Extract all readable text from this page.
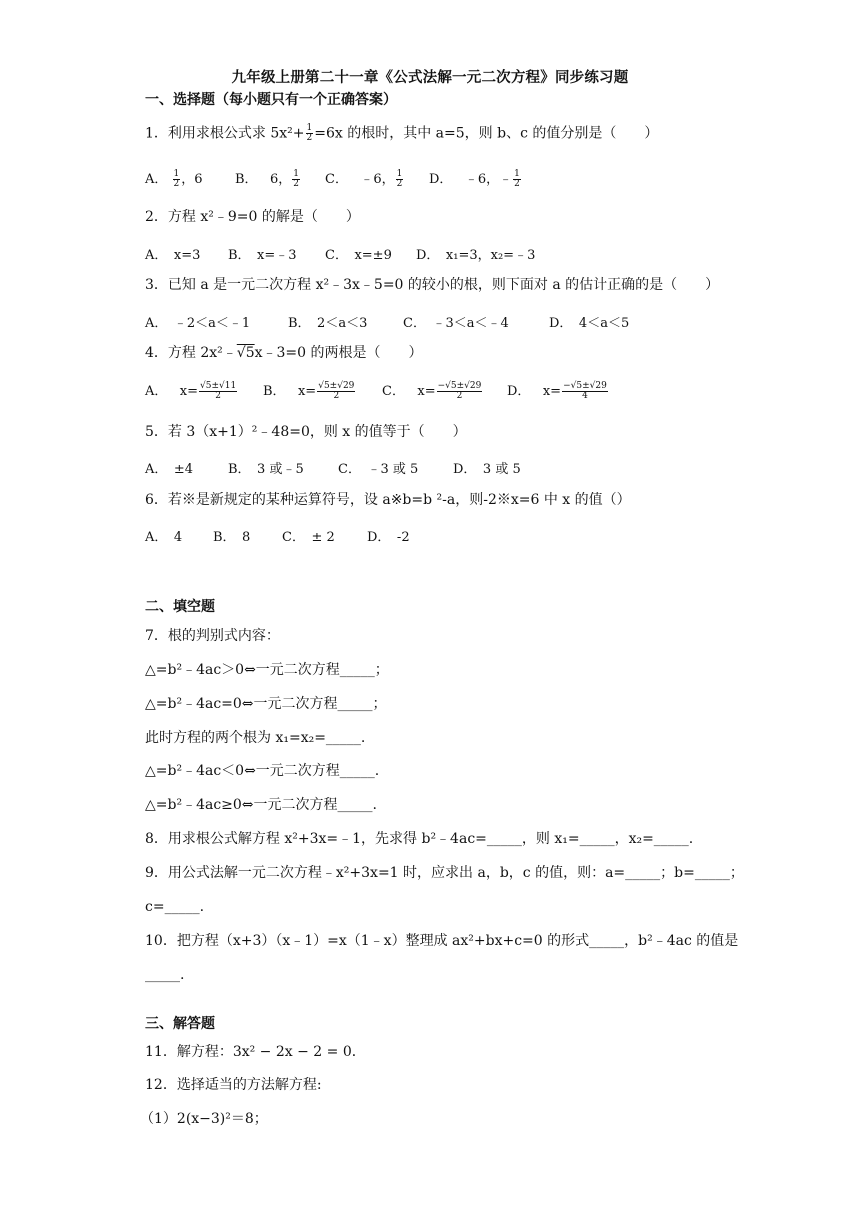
九年级上册第二十一章《公式法解一元二次方程》同步练习题
一、选择题（每小题只有一个正确答案）
1．利用求根公式求 $5x^2+ \frac{1}{2} =6x$ 的根时，其中 a=5，则 b、c 的值分别是（　　）
A． $\frac{1}{2}$ ，6 B． 6， $\frac{1}{2}$ C． ﹣6， $\frac{1}{2}$ D． ﹣6，﹣ $\frac{1}{2}$
2．方程 x²﹣9=0 的解是（　　）
A．　x=3 B．　x=﹣3 C．　x=±9 D．　x₁=3，x₂=﹣3
3．已知 a 是一元二次方程 x²﹣3x﹣5=0 的较小的根，则下面对 a 的估计正确的是（　　）
A．　﹣2＜a＜﹣1	B．　2＜a＜3	C．　﹣3＜a＜﹣4	D．　4＜a＜5
4．方程 2x²﹣√5x﹣3=0 的两根是（　　）
A． $x= \frac{√5\pm√11}{2}$ B． $x= \frac{√5\pm√29}{2}$ C． $x= \frac{-√5\pm√29}{2}$ D． $x= \frac{-√5\pm√29}{4}$
5．若 3（x+1）²﹣48=0，则 x 的值等于（　　）
A．　±4	B．　3 或﹣5	C．　﹣3 或 5	D．　3 或 5
6．若※是新规定的某种运算符号，设 a※b=b ²-a，则-2※x=6 中 x 的值（）
A．　4 B．　8 C．　± 2 D．　-2
二、填空题
7．根的判别式内容：
△=b²﹣4ac＞0⇔一元二次方程_____；
△=b²﹣4ac=0⇔一元二次方程_____；
此时方程的两个根为 x₁=x₂=_____.
△=b²﹣4ac＜0⇔一元二次方程_____.
△=b²﹣4ac≥0⇔一元二次方程_____.
8．用求根公式解方程 x²+3x=﹣1，先求得 b²﹣4ac=_____，则 x₁=_____，x₂=_____.
9．用公式法解一元二次方程﹣x²+3x=1 时，应求出 a，b，c 的值，则：a=_____；b=_____；
c=_____.
10．把方程（x+3）（x﹣1）=x（1﹣x）整理成 ax²+bx+c=0 的形式_____，b²﹣4ac 的值是
_____.
三、解答题
11．解方程：3x² − 2x − 2 = 0．
12．选择适当的方法解方程:
（1）2(x−3)²＝8；
